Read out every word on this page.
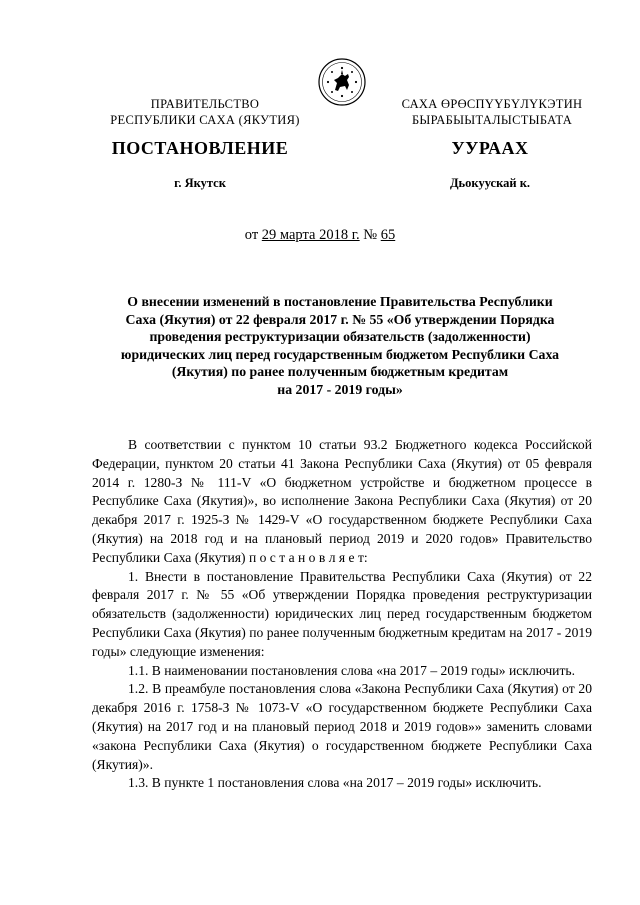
ПРАВИТЕЛЬСТВО
РЕСПУБЛИКИ САХА (ЯКУТИЯ)
САХА ӨРӨСПҮҮБҮЛҮКЭТИН
БЫРАБЫЫТАЛЫСТЫБАТА
ПОСТАНОВЛЕНИЕ	УУРААХ
г. Якутск	Дьокуускай к.
от 29 марта 2018 г. № 65
О внесении изменений в постановление Правительства Республики
Саха (Якутия) от 22 февраля 2017 г. № 55 «Об утверждении Порядка
проведения реструктуризации обязательств (задолженности)
юридических лиц перед государственным бюджетом Республики Саха
(Якутия) по ранее полученным бюджетным кредитам
на 2017 - 2019 годы»

В соответствии с пунктом 10 статьи 93.2 Бюджетного кодекса Российской Федерации, пунктом 20 статьи 41 Закона Республики Саха (Якутия) от 05 февраля 2014 г. 1280-З № 111-V «О бюджетном устройстве и бюджетном процессе в Республике Саха (Якутия)», во исполнение Закона Республики Саха (Якутия) от 20 декабря 2017 г. 1925-З № 1429-V «О государственном бюджете Республики Саха (Якутия) на 2018 год и на плановый период 2019 и 2020 годов» Правительство Республики Саха (Якутия) п о с т а н о в л я е т:

1. Внести в постановление Правительства Республики Саха (Якутия) от 22 февраля 2017 г. № 55 «Об утверждении Порядка проведения реструктуризации обязательств (задолженности) юридических лиц перед государственным бюджетом Республики Саха (Якутия) по ранее полученным бюджетным кредитам на 2017 - 2019 годы» следующие изменения:

1.1. В наименовании постановления слова «на 2017 – 2019 годы» исключить.

1.2. В преамбуле постановления слова «Закона Республики Саха (Якутия) от 20 декабря 2016 г. 1758-З № 1073-V «О государственном бюджете Республики Саха (Якутия) на 2017 год и на плановый период 2018 и 2019 годов»» заменить словами «закона Республики Саха (Якутия) о государственном бюджете Республики Саха (Якутия)».

1.3. В пункте 1 постановления слова «на 2017 – 2019 годы» исключить.
